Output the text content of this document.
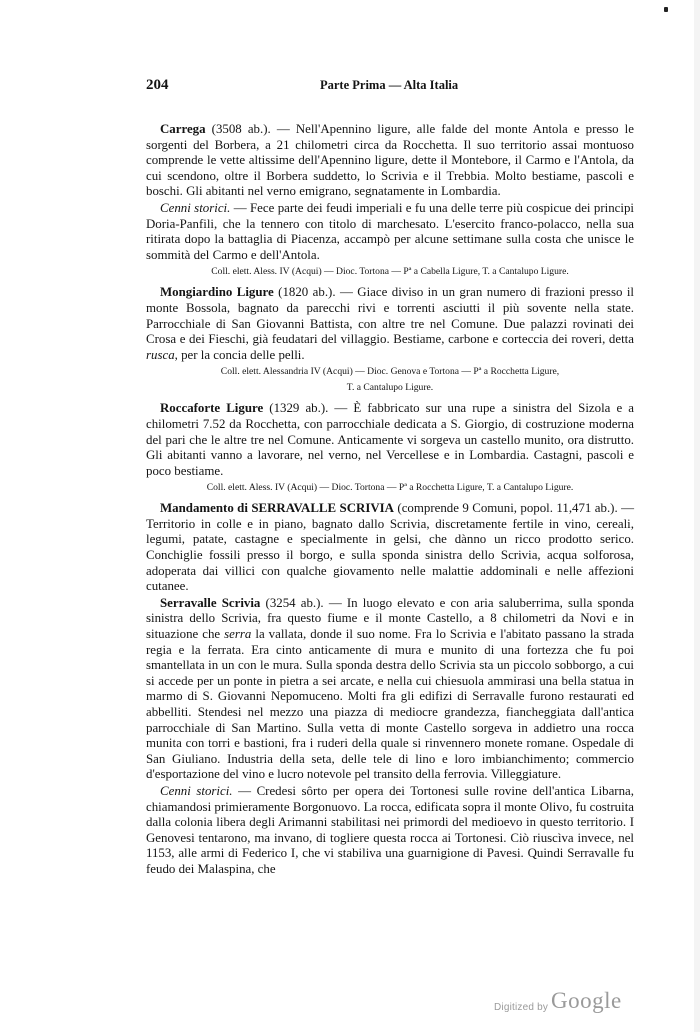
204	Parte Prima — Alta Italia

Carrega (3508 ab.). — Nell'Apennino ligure, alle falde del monte Antola e presso le sorgenti del Borbera, a 21 chilometri circa da Rocchetta. Il suo territorio assai montuoso comprende le vette altissime dell'Apennino ligure, dette il Montebore, il Carmo e l'Antola, da cui scendono, oltre il Borbera suddetto, lo Scrivia e il Trebbia. Molto bestiame, pascoli e boschi. Gli abitanti nel verno emigrano, segnatamente in Lombardia.

Cenni storici. — Fece parte dei feudi imperiali e fu una delle terre più cospicue dei principi Doria-Panfili, che la tennero con titolo di marchesato. L'esercito franco-polacco, nella sua ritirata dopo la battaglia di Piacenza, accampò per alcune settimane sulla costa che unisce le sommità del Carmo e dell'Antola.

Coll. elett. Aless. IV (Acqui) — Dioc. Tortona — Pª a Cabella Ligure, T. a Cantalupo Ligure.

Mongiardino Ligure (1820 ab.). — Giace diviso in un gran numero di frazioni presso il monte Bossola, bagnato da parecchi rivi e torrenti asciutti il più sovente nella state. Parrocchiale di San Giovanni Battista, con altre tre nel Comune. Due palazzi rovinati dei Crosa e dei Fieschi, già feudatari del villaggio. Bestiame, carbone e corteccia dei roveri, detta rusca, per la concia delle pelli.

Coll. elett. Alessandria IV (Acqui) — Dioc. Genova e Tortona — Pª a Rocchetta Ligure,

T. a Cantalupo Ligure.

Roccaforte Ligure (1329 ab.). — È fabbricato sur una rupe a sinistra del Sizola e a chilometri 7.52 da Rocchetta, con parrocchiale dedicata a S. Giorgio, di costruzione moderna del pari che le altre tre nel Comune. Anticamente vi sorgeva un castello munito, ora distrutto. Gli abitanti vanno a lavorare, nel verno, nel Vercellese e in Lombardia. Castagni, pascoli e poco bestiame.

Coll. elett. Aless. IV (Acqui) — Dioc. Tortona — Pª a Rocchetta Ligure, T. a Cantalupo Ligure.

Mandamento di SERRAVALLE SCRIVIA (comprende 9 Comuni, popol. 11,471 ab.). — Territorio in colle e in piano, bagnato dallo Scrivia, discretamente fertile in vino, cereali, legumi, patate, castagne e specialmente in gelsi, che dànno un ricco prodotto serico. Conchiglie fossili presso il borgo, e sulla sponda sinistra dello Scrivia, acqua solforosa, adoperata dai villici con qualche giovamento nelle malattie addominali e nelle affezioni cutanee.

Serravalle Scrivia (3254 ab.). — In luogo elevato e con aria saluberrima, sulla sponda sinistra dello Scrivia, fra questo fiume e il monte Castello, a 8 chilometri da Novi e in situazione che serra la vallata, donde il suo nome. Fra lo Scrivia e l'abitato passano la strada regia e la ferrata. Era cinto anticamente di mura e munito di una fortezza che fu poi smantellata in un con le mura. Sulla sponda destra dello Scrivia sta un piccolo sobborgo, a cui si accede per un ponte in pietra a sei arcate, e nella cui chiesuola ammirasi una bella statua in marmo di S. Giovanni Nepomuceno. Molti fra gli edifizi di Serravalle furono restaurati ed abbelliti. Stendesi nel mezzo una piazza di mediocre grandezza, fiancheggiata dall'antica parrocchiale di San Martino. Sulla vetta di monte Castello sorgeva in addietro una rocca munita con torri e bastioni, fra i ruderi della quale si rinvennero monete romane. Ospedale di San Giuliano. Industria della seta, delle tele di lino e loro imbianchimento; commercio d'esportazione del vino e lucro notevole pel transito della ferrovia. Villeggiature.

Cenni storici. — Credesi sôrto per opera dei Tortonesi sulle rovine dell'antica Libarna, chiamandosi primieramente Borgonuovo. La rocca, edificata sopra il monte Olivo, fu costruita dalla colonia libera degli Arimanni stabilitasi nei primordi del medioevo in questo territorio. I Genovesi tentarono, ma invano, di togliere questa rocca ai Tortonesi. Ciò riuscìva invece, nel 1153, alle armi di Federico I, che vi stabiliva una guarnigione di Pavesi. Quindi Serravalle fu feudo dei Malaspina, che

Digitized by Google
